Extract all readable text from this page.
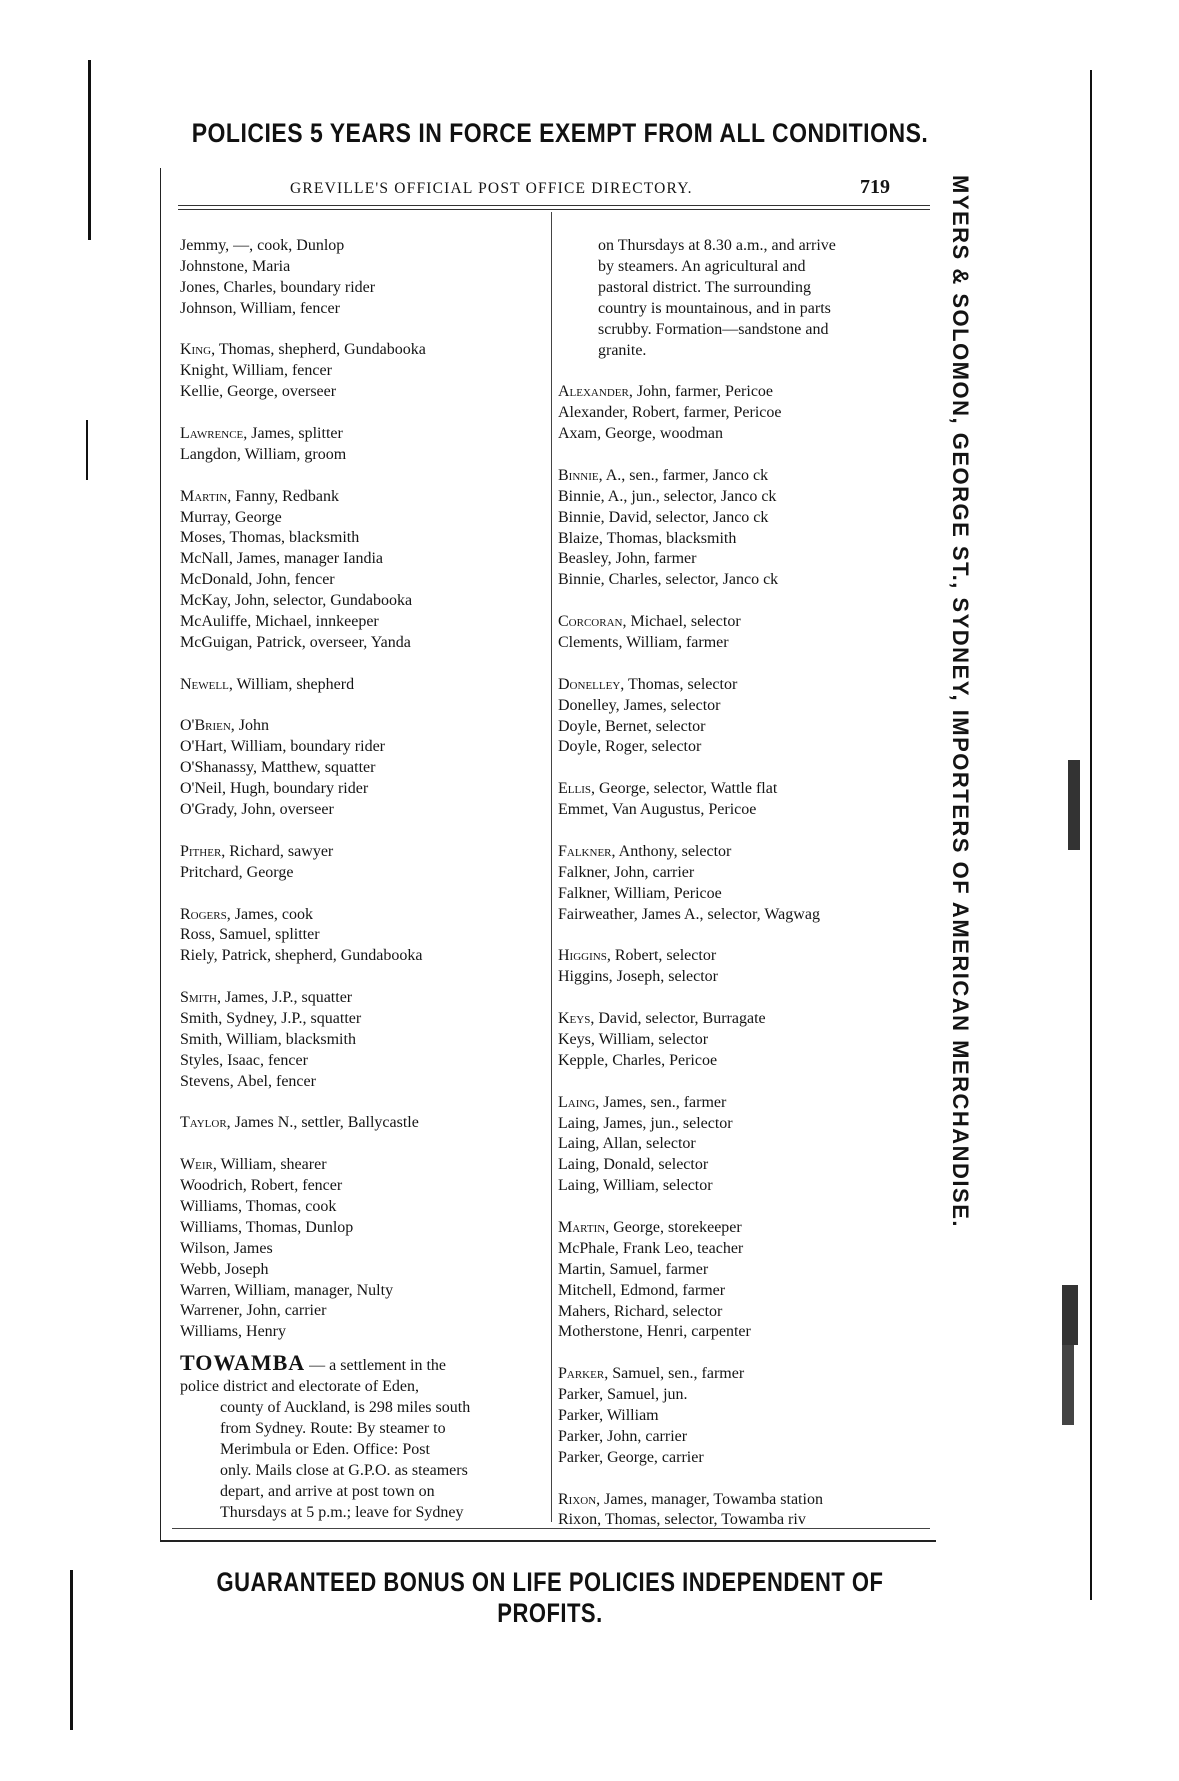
POLICIES 5 YEARS IN FORCE EXEMPT FROM ALL CONDITIONS.
GREVILLE'S OFFICIAL POST OFFICE DIRECTORY.	719
Jemmy, —, cook, Dunlop
Johnstone, Maria
Jones, Charles, boundary rider
Johnson, William, fencer
King, Thomas, shepherd, Gundabooka
Knight, William, fencer
Kellie, George, overseer
Lawrence, James, splitter
Langdon, William, groom
Martin, Fanny, Redbank
Murray, George
Moses, Thomas, blacksmith
McNall, James, manager Iandia
McDonald, John, fencer
McKay, John, selector, Gundabooka
McAuliffe, Michael, innkeeper
McGuigan, Patrick, overseer, Yanda
Newell, William, shepherd
O'Brien, John
O'Hart, William, boundary rider
O'Shanassy, Matthew, squatter
O'Neil, Hugh, boundary rider
O'Grady, John, overseer
Pither, Richard, sawyer
Pritchard, George
Rogers, James, cook
Ross, Samuel, splitter
Riely, Patrick, shepherd, Gundabooka
Smith, James, J.P., squatter
Smith, Sydney, J.P., squatter
Smith, William, blacksmith
Styles, Isaac, fencer
Stevens, Abel, fencer
Taylor, James N., settler, Ballycastle
Weir, William, shearer
Woodrich, Robert, fencer
Williams, Thomas, cook
Williams, Thomas, Dunlop
Wilson, James
Webb, Joseph
Warren, William, manager, Nulty
Warrener, John, carrier
Williams, Henry
TOWAMBA — a settlement in the
police district and electorate of Eden,
county of Auckland, is 298 miles south
from Sydney. Route: By steamer to
Merimbula or Eden. Office: Post
only. Mails close at G.P.O. as steamers
depart, and arrive at post town on
Thursdays at 5 p.m.; leave for Sydney
on Thursdays at 8.30 a.m., and arrive
by steamers. An agricultural and
pastoral district. The surrounding
country is mountainous, and in parts
scrubby. Formation—sandstone and
granite.
Alexander, John, farmer, Pericoe
Alexander, Robert, farmer, Pericoe
Axam, George, woodman
Binnie, A., sen., farmer, Janco ck
Binnie, A., jun., selector, Janco ck
Binnie, David, selector, Janco ck
Blaize, Thomas, blacksmith
Beasley, John, farmer
Binnie, Charles, selector, Janco ck
Corcoran, Michael, selector
Clements, William, farmer
Donelley, Thomas, selector
Donelley, James, selector
Doyle, Bernet, selector
Doyle, Roger, selector
Ellis, George, selector, Wattle flat
Emmet, Van Augustus, Pericoe
Falkner, Anthony, selector
Falkner, John, carrier
Falkner, William, Pericoe
Fairweather, James A., selector, Wagwag
Higgins, Robert, selector
Higgins, Joseph, selector
Keys, David, selector, Burragate
Keys, William, selector
Kepple, Charles, Pericoe
Laing, James, sen., farmer
Laing, James, jun., selector
Laing, Allan, selector
Laing, Donald, selector
Laing, William, selector
Martin, George, storekeeper
McPhale, Frank Leo, teacher
Martin, Samuel, farmer
Mitchell, Edmond, farmer
Mahers, Richard, selector
Motherstone, Henri, carpenter
Parker, Samuel, sen., farmer
Parker, Samuel, jun.
Parker, William
Parker, John, carrier
Parker, George, carrier
Rixon, James, manager, Towamba station
Rixon, Thomas, selector, Towamba riv
MYERS & SOLOMON, GEORGE ST., SYDNEY, IMPORTERS OF AMERICAN MERCHANDISE.
GUARANTEED BONUS ON LIFE POLICIES INDEPENDENT OF PROFITS.
